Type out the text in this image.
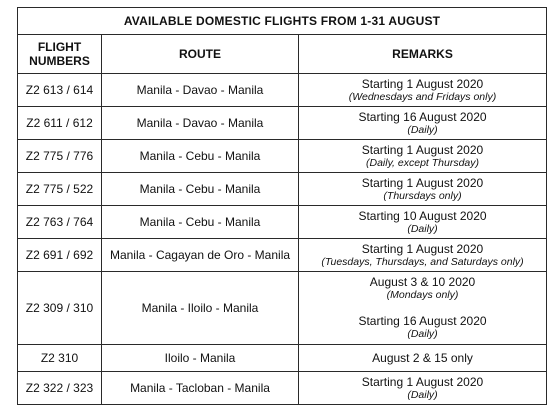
AVAILABLE DOMESTIC FLIGHTS FROM 1-31 AUGUST		

FLIGHT
NUMBERS	ROUTE	REMARKS
Z2 613 / 614	Manila - Davao - Manila	Starting 1 August 2020
(Wednesdays and Fridays only)

Z2 611 / 612	Manila - Davao - Manila	Starting 16 August 2020
(Daily)

Z2 775 / 776	Manila - Cebu - Manila	Starting 1 August 2020
(Daily, except Thursday)

Z2 775 / 522	Manila - Cebu - Manila	Starting 1 August 2020
(Thursdays only)

Z2 763 / 764	Manila - Cebu - Manila	Starting 10 August 2020
(Daily)

Z2 691 / 692	Manila - Cagayan de Oro - Manila	Starting 1 August 2020
(Tuesdays, Thursdays, and Saturdays only)

Z2 309 / 310	Manila - Iloilo - Manila	August 3 & 10 2020
(Mondays only)
Starting 16 August 2020
(Daily)

Z2 310	Iloilo - Manila	August 2 & 15 only

Z2 322 / 323	Manila - Tacloban - Manila	Starting 1 August 2020
(Daily)
